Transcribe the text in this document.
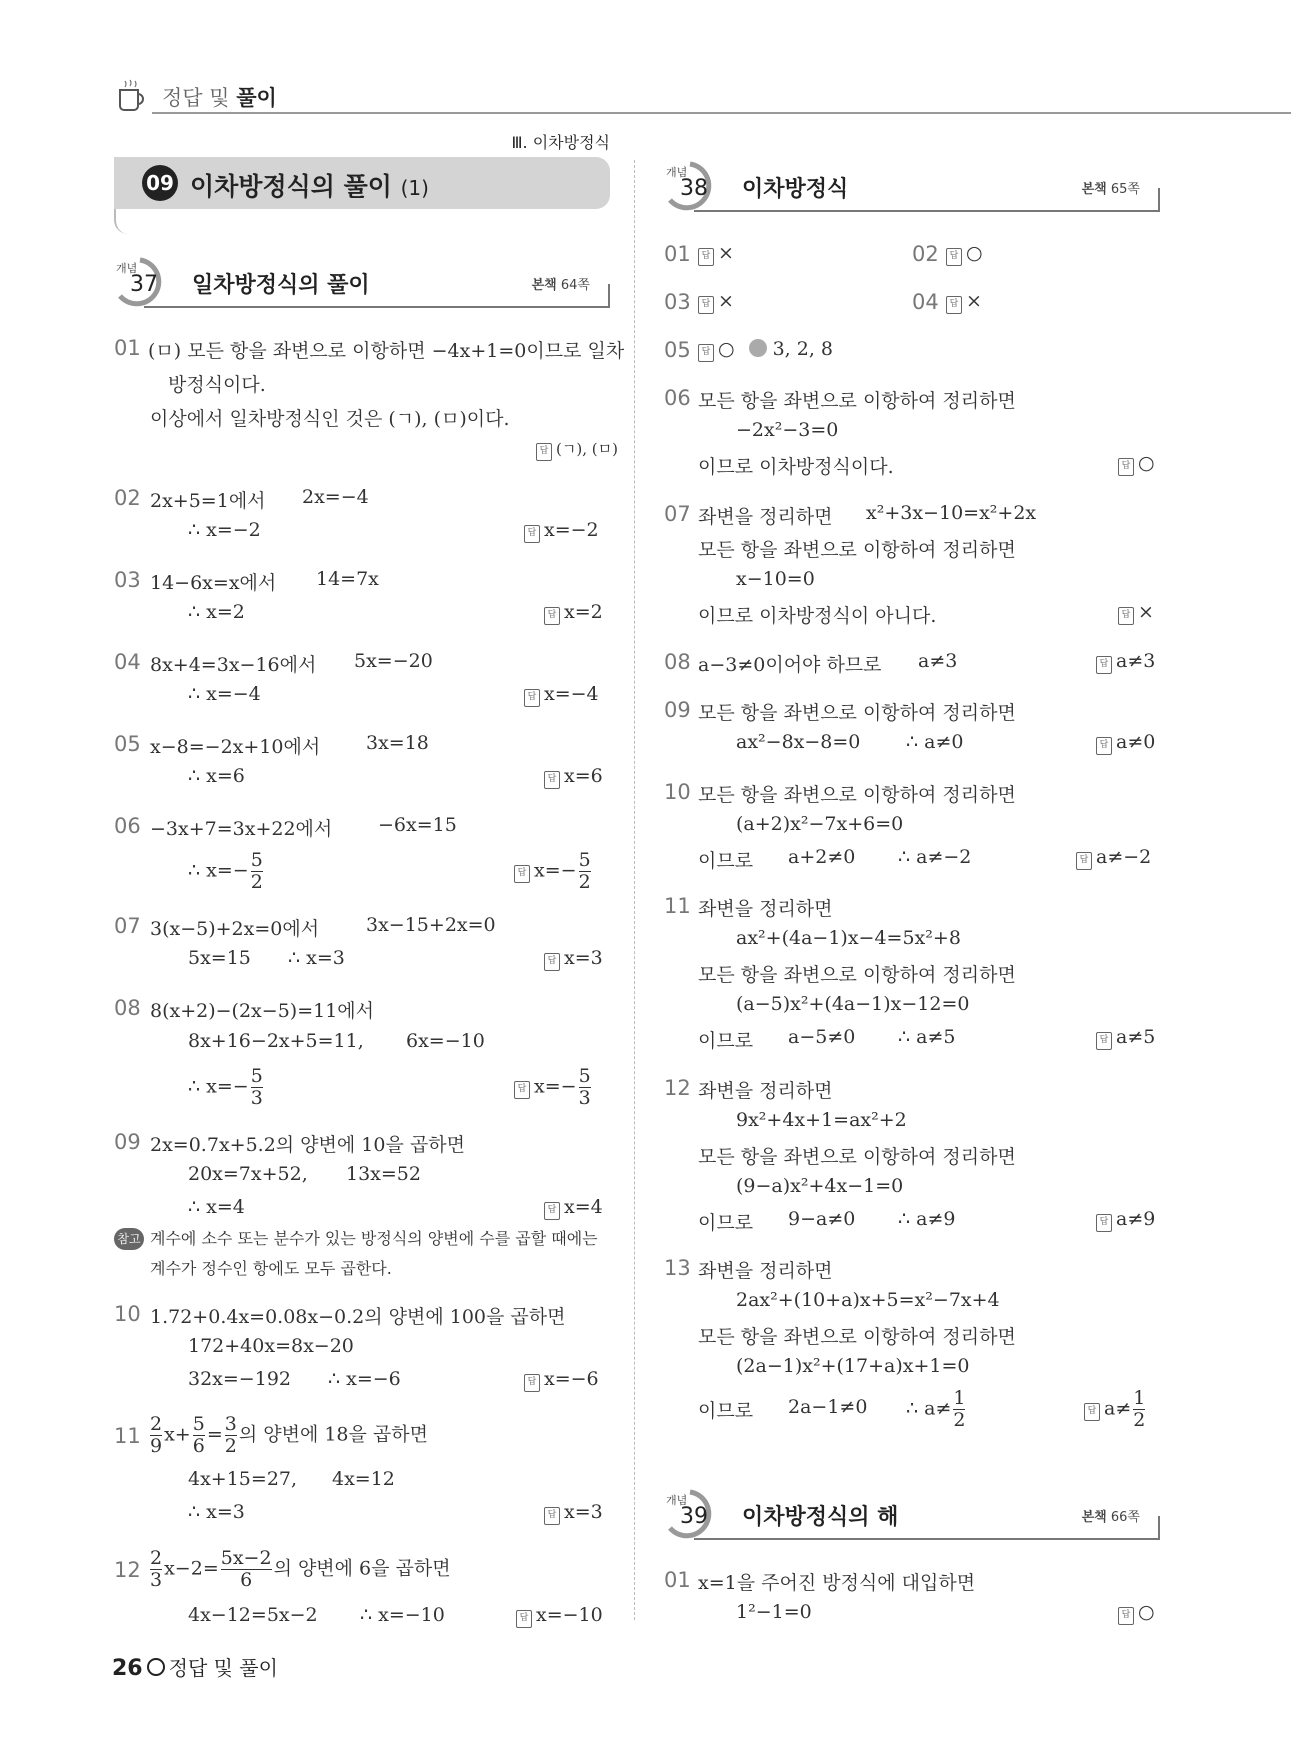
정답 및 풀이
Ⅲ. 이차방정식
09 이차방정식의 풀이 (1)
개념
37 일차방정식의 풀이	본책 64쪽
개념
38 이차방정식	본책 65쪽
개념
39 이차방정식의 해	본책 66쪽
01 (ㅁ) 모든 항을 좌변으로 이항하면 −4x+1=0이므로 일차
방정식이다.
이상에서 일차방정식인 것은 (ㄱ), (ㅁ)이다.
답 (ㄱ), (ㅁ)
02 2x+5=1에서 2x=−4
∴ x=−2	답 x=−2
03 14−6x=x에서 14=7x
∴ x=2	답 x=2
04 8x+4=3x−16에서 5x=−20
∴ x=−4	답 x=−4
05 x−8=−2x+10에서 3x=18
∴ x=6	답 x=6
06 −3x+7=3x+22에서 −6x=15
∴ $x=- \frac{5}{2}$	답 $x=- \frac{5}{2}$
07 3(x−5)+2x=0에서 3x−15+2x=0
5x=15 ∴ x=3	답 x=3
08 8(x+2)−(2x−5)=11에서
8x+16−2x+5=11, 6x=−10
∴ $x=- \frac{5}{3}$	답 $x=- \frac{5}{3}$
09 2x=0.7x+5.2의 양변에 10을 곱하면
20x=7x+52, 13x=52
∴ x=4	답 x=4
참고 계수에 소수 또는 분수가 있는 방정식의 양변에 수를 곱할 때에는
계수가 정수인 항에도 모두 곱한다.
10 1.72+0.4x=0.08x−0.2의 양변에 100을 곱하면
172+40x=8x−20
32x=−192 ∴ x=−6	답 x=−6
$11 \frac{2}{9} x+ \frac{5}{6} = \frac{3}{2}$ 의 양변에 18을 곱하면
4x+15=27, 4x=12
∴ x=3	답 x=3
$12 \frac{2}{3} x-2= \frac{5x-2}{6}$ 의 양변에 6을 곱하면
4x−12=5x−2 ∴ x=−10	답 x=−10
01	답 ×	02	답 ○
03	답 ×	04	답 ×
05	답 ○ 3, 2, 8
06 모든 항을 좌변으로 이항하여 정리하면
−2x²−3=0
이므로 이차방정식이다.	답 ○
07 좌변을 정리하면 x²+3x−10=x²+2x
모든 항을 좌변으로 이항하여 정리하면
x−10=0
이므로 이차방정식이 아니다.	답 ×
08 a−3≠0이어야 하므로 a≠3	답 a≠3
09 모든 항을 좌변으로 이항하여 정리하면
ax²−8x−8=0 ∴ a≠0	답 a≠0
10 모든 항을 좌변으로 이항하여 정리하면
(a+2)x²−7x+6=0
이므로 a+2≠0 ∴ a≠−2	답 a≠−2
11 좌변을 정리하면
ax²+(4a−1)x−4=5x²+8
모든 항을 좌변으로 이항하여 정리하면
(a−5)x²+(4a−1)x−12=0
이므로 a−5≠0 ∴ a≠5	답 a≠5
12 좌변을 정리하면
9x²+4x+1=ax²+2
모든 항을 좌변으로 이항하여 정리하면
(9−a)x²+4x−1=0
이므로 9−a≠0 ∴ a≠9	답 a≠9
13 좌변을 정리하면
2ax²+(10+a)x+5=x²−7x+4
모든 항을 좌변으로 이항하여 정리하면
(2a−1)x²+(17+a)x+1=0
이므로 2a−1≠0 ∴ $a\ne \frac{1}{2}$	답 $a\ne \frac{1}{2}$
01 x=1을 주어진 방정식에 대입하면
1²−1=0	답 ○
26 정답 및 풀이
